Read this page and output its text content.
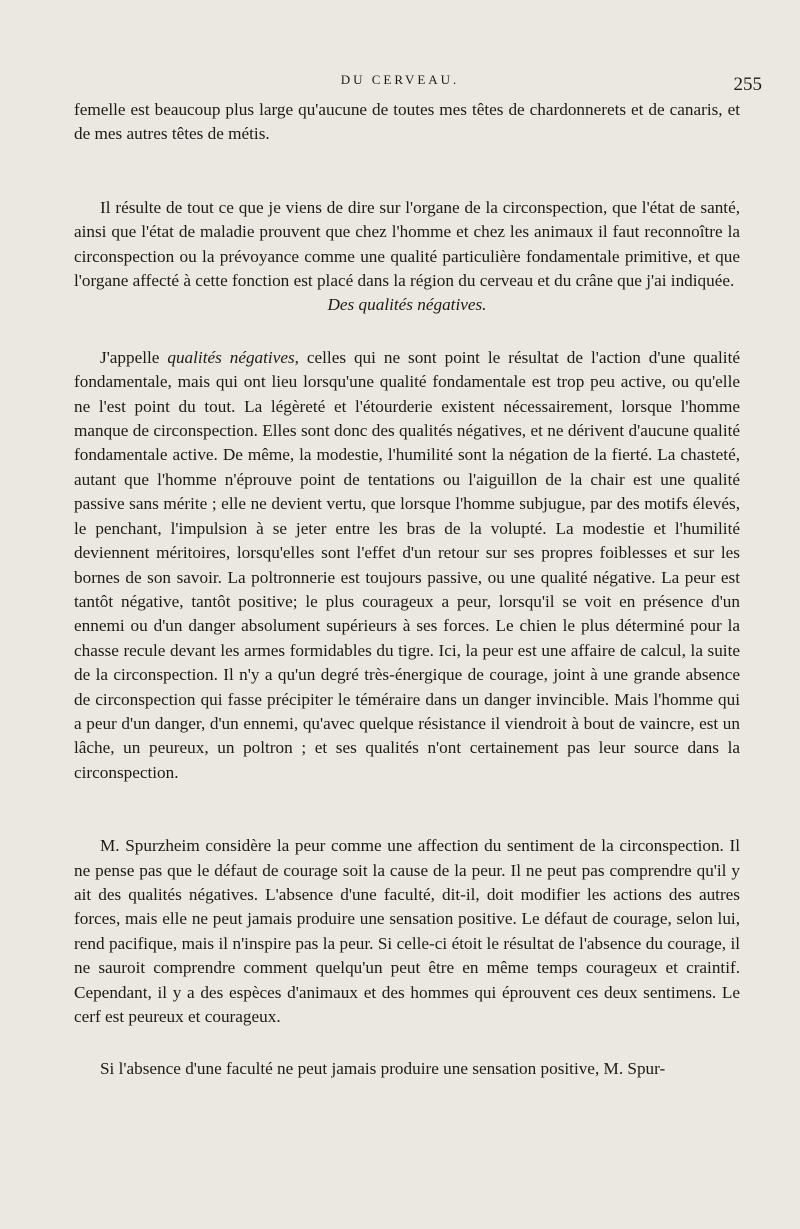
DU CERVEAU.	255

femelle est beaucoup plus large qu'aucune de toutes mes têtes de chardonnerets et de canaris, et de mes autres têtes de métis.

Il résulte de tout ce que je viens de dire sur l'organe de la circonspection, que l'état de santé, ainsi que l'état de maladie prouvent que chez l'homme et chez les animaux il faut reconnoître la circonspection ou la prévoyance comme une qualité particulière fondamentale primitive, et que l'organe affecté à cette fonction est placé dans la région du cerveau et du crâne que j'ai indiquée.

Des qualités négatives.

J'appelle qualités négatives, celles qui ne sont point le résultat de l'action d'une qualité fondamentale, mais qui ont lieu lorsqu'une qualité fondamentale est trop peu active, ou qu'elle ne l'est point du tout. La légèreté et l'étourderie existent nécessairement, lorsque l'homme manque de circonspection. Elles sont donc des qualités négatives, et ne dérivent d'aucune qualité fondamentale active. De même, la modestie, l'humilité sont la négation de la fierté. La chasteté, autant que l'homme n'éprouve point de tentations ou l'aiguillon de la chair est une qualité passive sans mérite ; elle ne devient vertu, que lorsque l'homme subjugue, par des motifs élevés, le penchant, l'impulsion à se jeter entre les bras de la volupté. La modestie et l'humilité deviennent méritoires, lorsqu'elles sont l'effet d'un retour sur ses propres foiblesses et sur les bornes de son savoir. La poltronnerie est toujours passive, ou une qualité négative. La peur est tantôt négative, tantôt positive; le plus courageux a peur, lorsqu'il se voit en présence d'un ennemi ou d'un danger absolument supérieurs à ses forces. Le chien le plus déterminé pour la chasse recule devant les armes formidables du tigre. Ici, la peur est une affaire de calcul, la suite de la circonspection. Il n'y a qu'un degré très-énergique de courage, joint à une grande absence de circonspection qui fasse précipiter le téméraire dans un danger invincible. Mais l'homme qui a peur d'un danger, d'un ennemi, qu'avec quelque résistance il viendroit à bout de vaincre, est un lâche, un peureux, un poltron ; et ses qualités n'ont certainement pas leur source dans la circonspection.

M. Spurzheim considère la peur comme une affection du sentiment de la circonspection. Il ne pense pas que le défaut de courage soit la cause de la peur. Il ne peut pas comprendre qu'il y ait des qualités négatives. L'absence d'une faculté, dit-il, doit modifier les actions des autres forces, mais elle ne peut jamais produire une sensation positive. Le défaut de courage, selon lui, rend pacifique, mais il n'inspire pas la peur. Si celle-ci étoit le résultat de l'absence du courage, il ne sauroit comprendre comment quelqu'un peut être en même temps courageux et craintif. Cependant, il y a des espèces d'animaux et des hommes qui éprouvent ces deux sentimens. Le cerf est peureux et courageux.

Si l'absence d'une faculté ne peut jamais produire une sensation positive, M. Spur-
